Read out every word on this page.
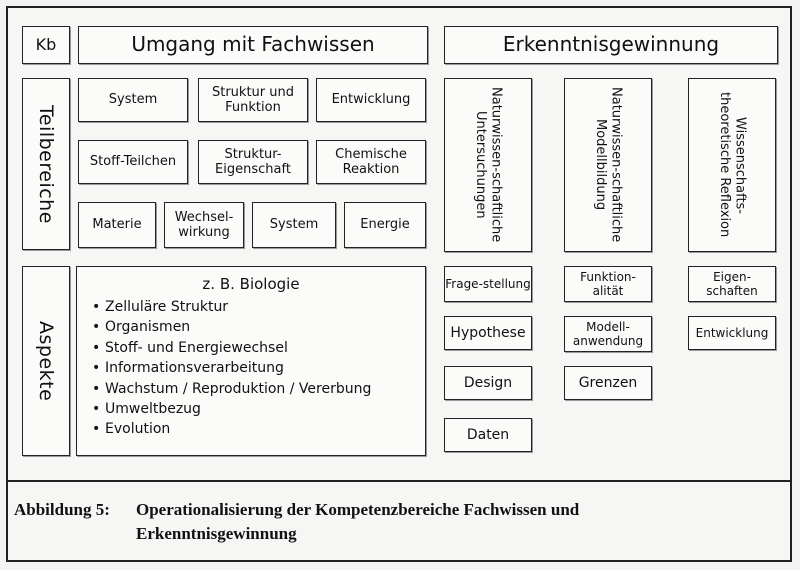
Kb	Umgang mit Fachwissen	Erkenntnisgewinnung
Teilbereiche
Aspekte
System
Struktur und Funktion
Entwicklung
Stoff-Teilchen
Struktur-Eigenschaft
Chemische Reaktion
Materie
Wechsel-wirkung
System	Energie
z. B. Biologie
• Zelluläre Struktur
• Organismen
• Stoff- und Energiewechsel
• Informationsverarbeitung
• Wachstum / Reproduktion / Vererbung
• Umweltbezug
• Evolution
Naturwissen-schaftliche Untersuchungen	Naturwissen-schaftliche Modellbildung	Wissenschafts-theoretische Reflexion
Frage-stellung
Hypothese
Design
Daten
Funktion-alität
Modell-anwendung
Grenzen
Eigen-schaften
Entwicklung
Abbildung 5: Operationalisierung der Kompetenzbereiche Fachwissen und
Erkenntnisgewinnung
